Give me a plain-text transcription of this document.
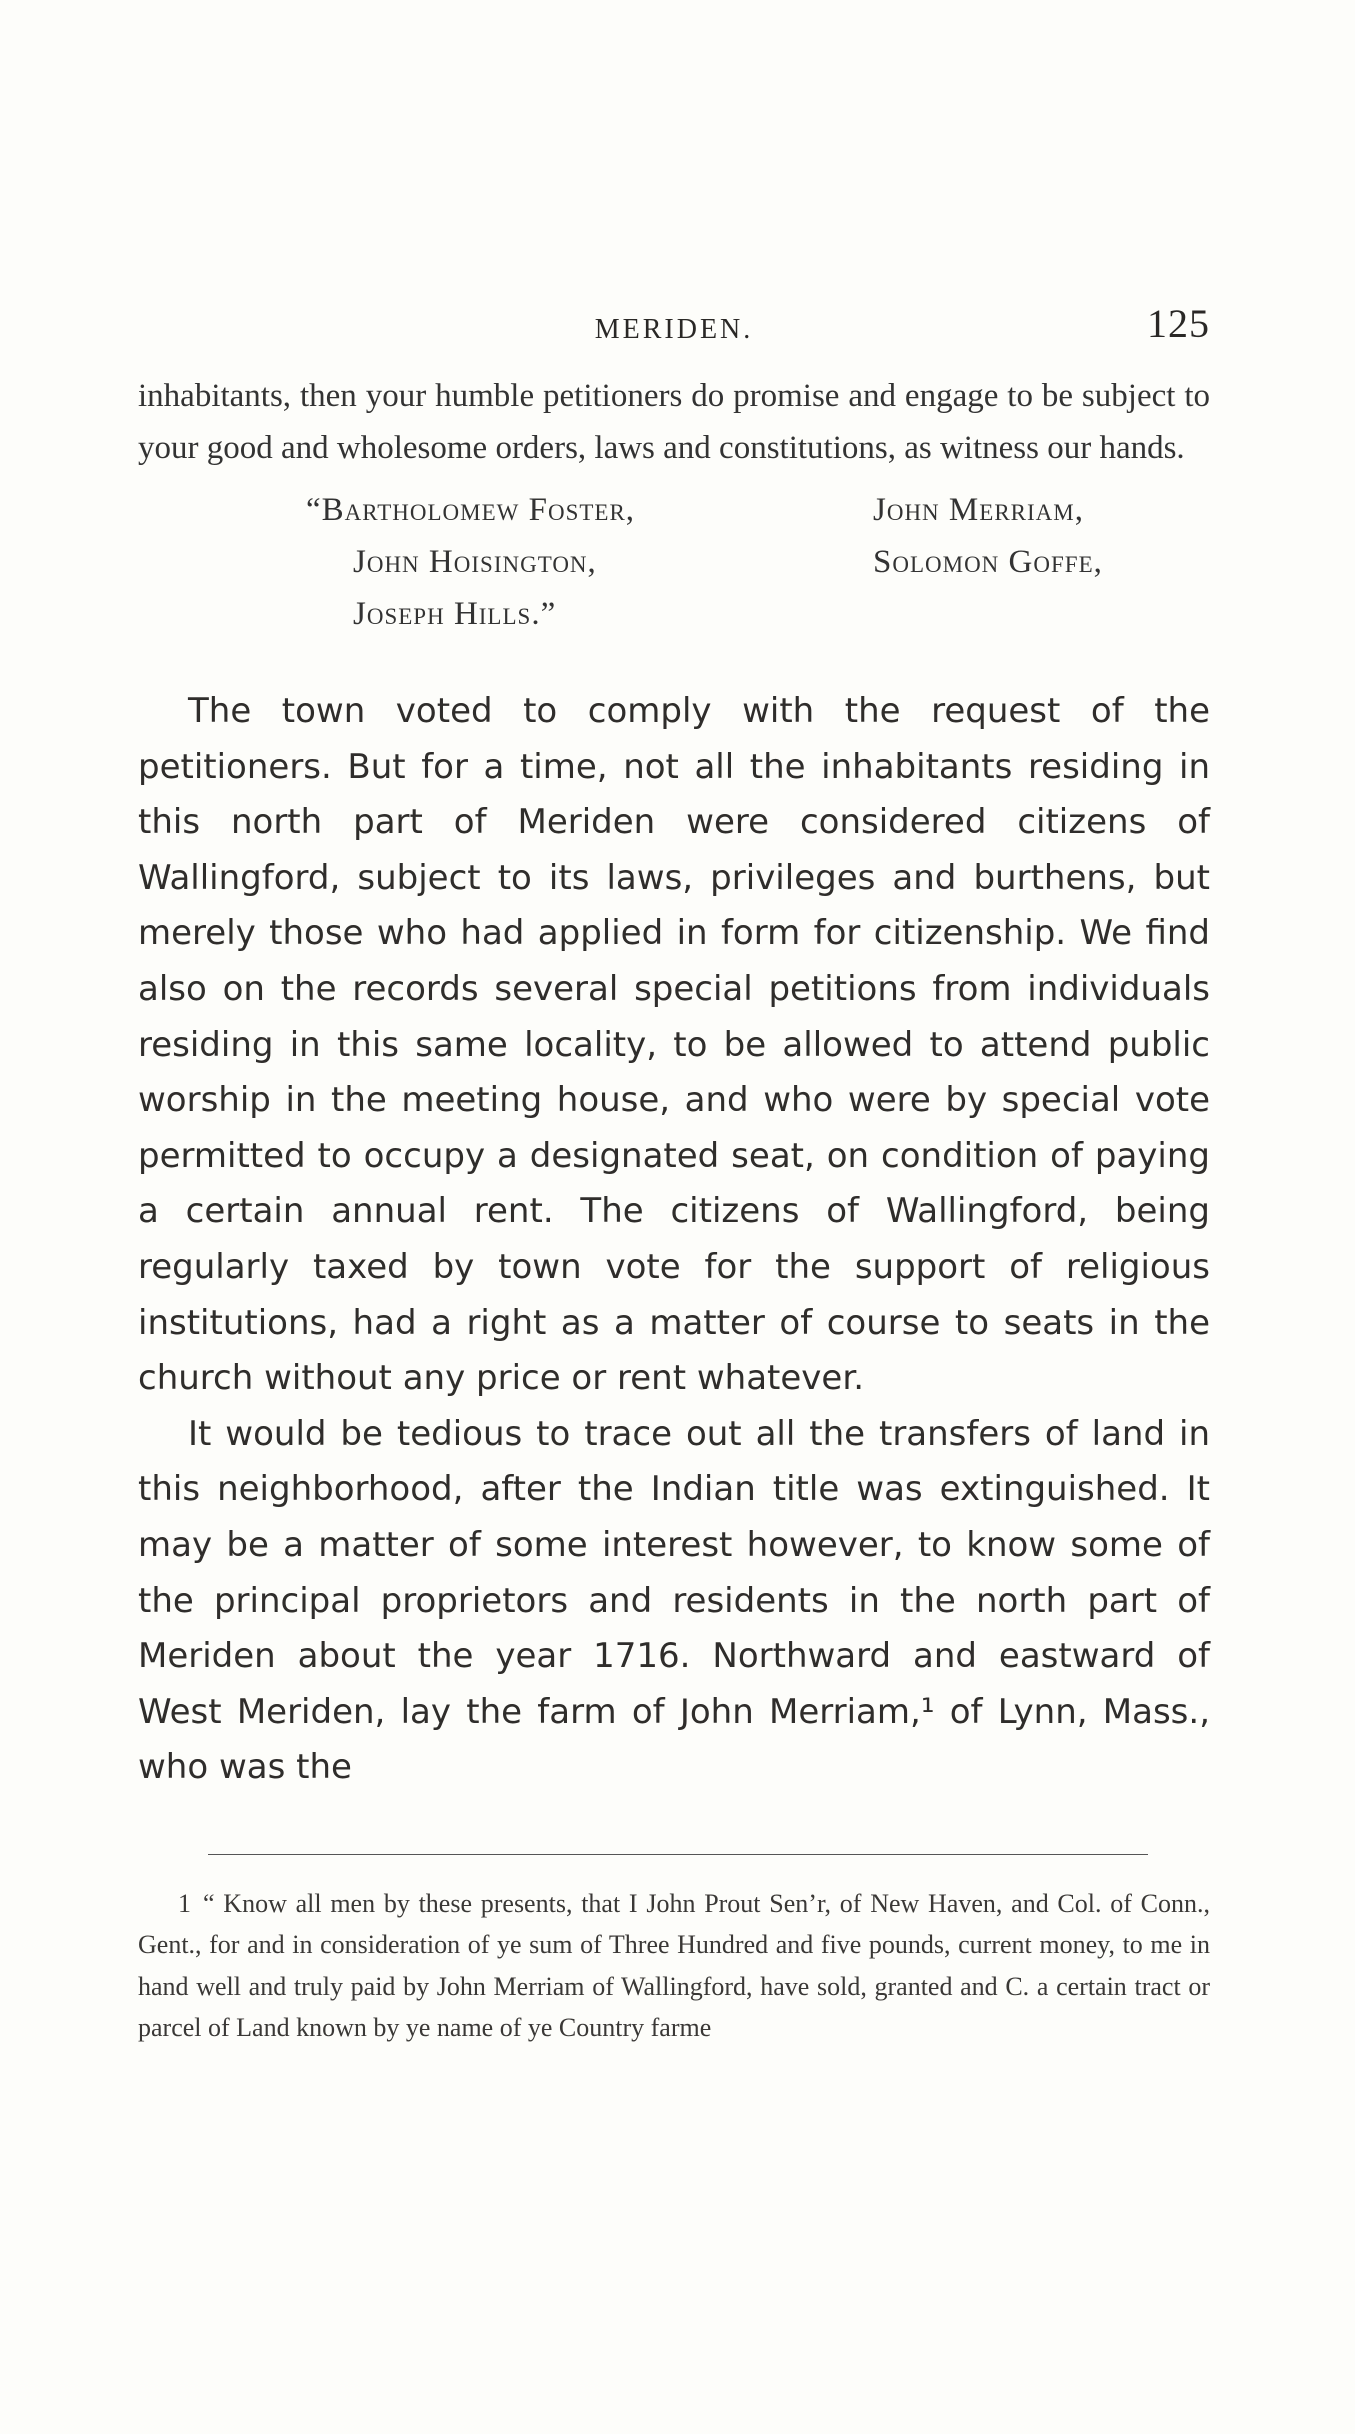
MERIDEN.	125
inhabitants, then your humble petitioners do promise and engage to be subject to your good and wholesome orders, laws and constitutions, as witness our hands.
“Bartholomew Foster,	John Merriam,
John Hoisington,	Solomon Goffe,
Joseph Hills.”

The town voted to comply with the request of the petitioners. But for a time, not all the inhabitants residing in this north part of Meriden were considered citizens of Wallingford, subject to its laws, privileges and burthens, but merely those who had applied in form for citizenship. We find also on the records several special petitions from individuals residing in this same locality, to be allowed to attend public worship in the meeting house, and who were by special vote permitted to occupy a designated seat, on condition of paying a certain annual rent. The citizens of Wallingford, being regularly taxed by town vote for the support of religious institutions, had a right as a matter of course to seats in the church without any price or rent whatever.

It would be tedious to trace out all the transfers of land in this neighborhood, after the Indian title was extinguished. It may be a matter of some interest however, to know some of the principal proprietors and residents in the north part of Meriden about the year 1716. Northward and eastward of West Meriden, lay the farm of John Merriam,¹ of Lynn, Mass., who was the

1 “ Know all men by these presents, that I John Prout Sen’r, of New Haven, and Col. of Conn., Gent., for and in consideration of ye sum of Three Hundred and five pounds, current money, to me in hand well and truly paid by John Merriam of Wallingford, have sold, granted and C. a certain tract or parcel of Land known by ye name of ye Country farme
